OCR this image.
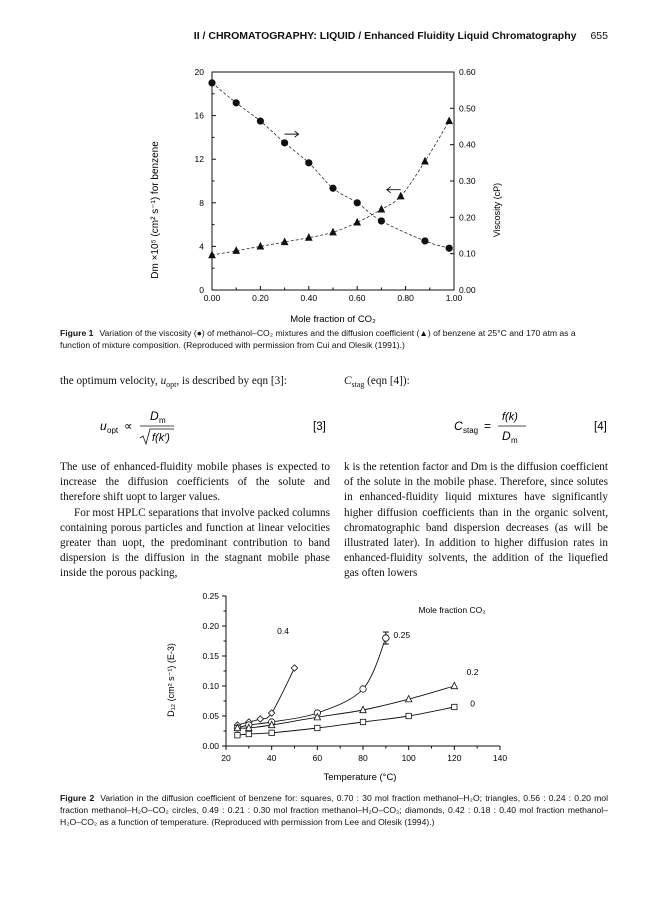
II / CHROMATOGRAPHY: LIQUID / Enhanced Fluidity Liquid Chromatography 655
0.00	0.20	0.40	0.60	0.80	1.00
0
4
8
12
16
20
0.00
0.10
0.20
0.30
0.40
0.50
0.60
Dm ×10⁵ (cm² s⁻¹) for benzene	Viscosity (cP)
Mole fraction of CO₂
Figure 1 Variation of the viscosity (●) of methanol–CO₂ mixtures and the diffusion coefficient (▲) of benzene at 25°C and 170 atm as a function of mixture composition. (Reproduced with permission from Cui and Olesik (1991).)
the optimum velocity, $u_{opt}$, is described by eqn [3]:	$C_{stag}$ (eqn [4]):
u opt ∝
D m
f(k′)
[3]	C stag =
f(k)
D m
[4]

The use of enhanced-fluidity mobile phases is expected to increase the diffusion coefficients of the solute and therefore shift uopt to larger values.

For most HPLC separations that involve packed columns containing porous particles and function at linear velocities greater than uopt, the predominant contribution to band dispersion is the diffusion in the stagnant mobile phase inside the porous packing,

k is the retention factor and Dm is the diffusion coefficient of the solute in the mobile phase. Therefore, since solutes in enhanced-fluidity liquid mixtures have significantly higher diffusion coefficients than in the organic solvent, chromatographic band dispersion decreases (as will be illustrated later). In addition to higher diffusion rates in enhanced-fluidity solvents, the addition of the liquefied gas often lowers

20	40	60	80	100	120	140
0.00
0.05
0.10
0.15
0.20
0.25
0.4	0.25
0.2
0
D₁₂ (cm² s⁻¹) (E-3)
Temperature (°C)
Mole fraction CO₂
Figure 2 Variation in the diffusion coefficient of benzene for: squares, 0.70 : 30 mol fraction methanol–H₂O; triangles, 0.56 : 0.24 : 0.20 mol fraction methanol–H₂O–CO₂ circles, 0.49 : 0.21 : 0.30 mol fraction methanol–H₂O–CO₂; diamonds, 0.42 : 0.18 : 0.40 mol fraction methanol–H₂O–CO₂ as a function of temperature. (Reproduced with permission from Lee and Olesik (1994).)
